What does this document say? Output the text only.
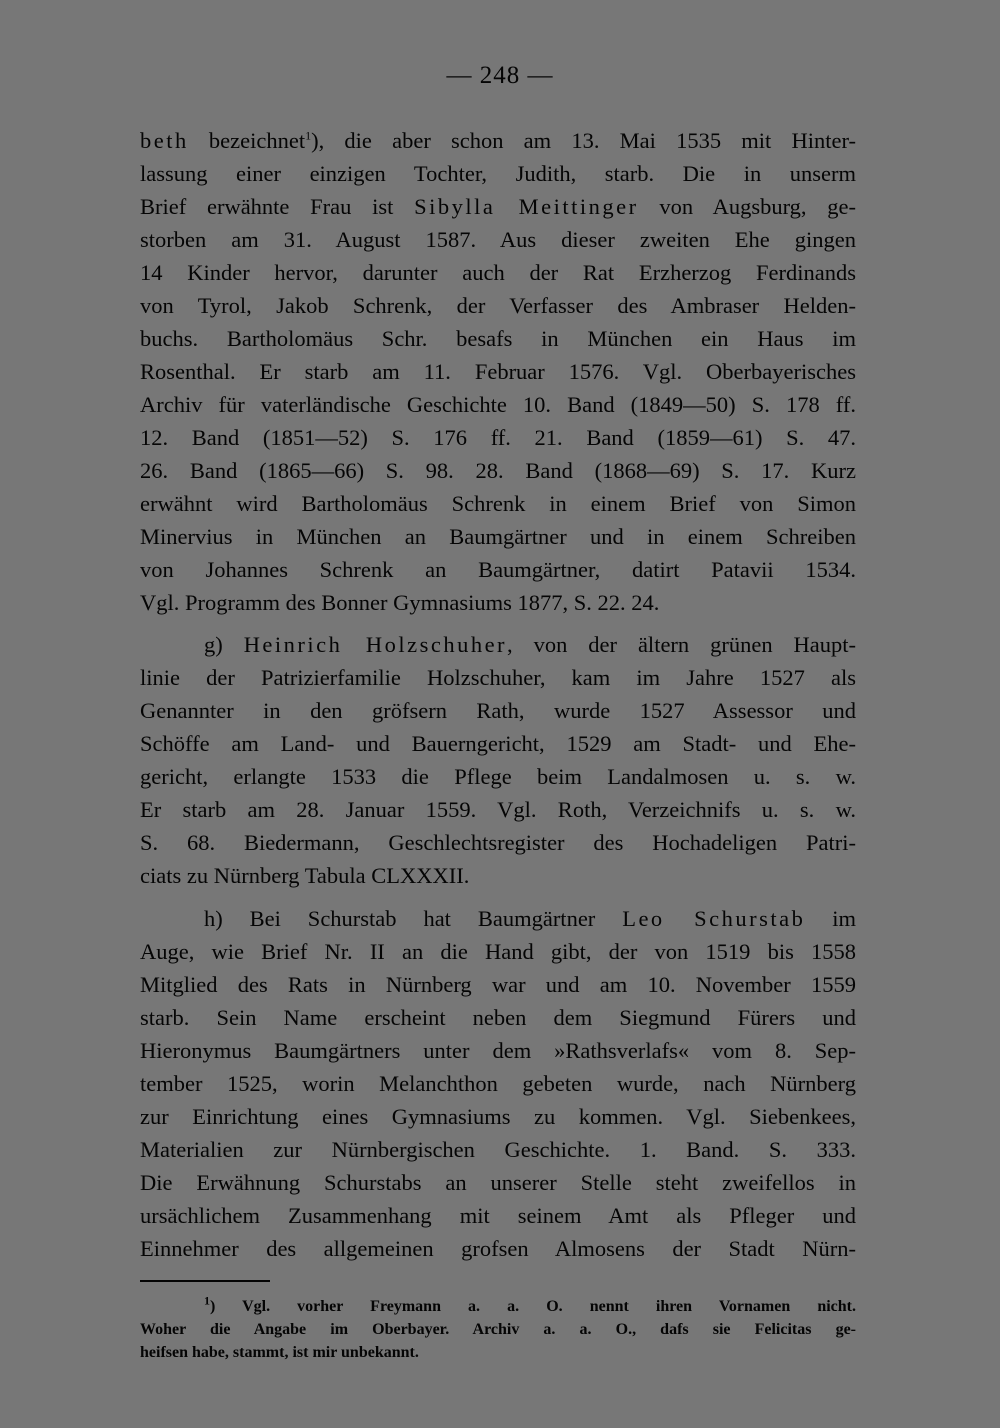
— 248 —
beth bezeichnet$^1$), die aber schon am 13. Mai 1535 mit Hinter-
lassung einer einzigen Tochter, Judith, starb. Die in unserm
Brief erwähnte Frau ist Sibylla Meittinger von Augsburg, ge-
storben am 31. August 1587. Aus dieser zweiten Ehe gingen
14 Kinder hervor, darunter auch der Rat Erzherzog Ferdinands
von Tyrol, Jakob Schrenk, der Verfasser des Ambraser Helden-
buchs. Bartholomäus Schr. besafs in München ein Haus im
Rosenthal. Er starb am 11. Februar 1576. Vgl. Oberbayerisches
Archiv für vaterländische Geschichte 10. Band (1849—50) S. 178 ff.
12. Band (1851—52) S. 176 ff. 21. Band (1859—61) S. 47.
26. Band (1865—66) S. 98. 28. Band (1868—69) S. 17. Kurz
erwähnt wird Bartholomäus Schrenk in einem Brief von Simon
Minervius in München an Baumgärtner und in einem Schreiben
von Johannes Schrenk an Baumgärtner, datirt Patavii 1534.
Vgl. Programm des Bonner Gymnasiums 1877, S. 22. 24.
g) Heinrich Holzschuher, von der ältern grünen Haupt-
linie der Patrizierfamilie Holzschuher, kam im Jahre 1527 als
Genannter in den gröfsern Rath, wurde 1527 Assessor und
Schöffe am Land- und Bauerngericht, 1529 am Stadt- und Ehe-
gericht, erlangte 1533 die Pflege beim Landalmosen u. s. w.
Er starb am 28. Januar 1559. Vgl. Roth, Verzeichnifs u. s. w.
S. 68. Biedermann, Geschlechtsregister des Hochadeligen Patri-
ciats zu Nürnberg Tabula CLXXXII.
h) Bei Schurstab hat Baumgärtner Leo Schurstab im
Auge, wie Brief Nr. II an die Hand gibt, der von 1519 bis 1558
Mitglied des Rats in Nürnberg war und am 10. November 1559
starb. Sein Name erscheint neben dem Siegmund Fürers und
Hieronymus Baumgärtners unter dem »Rathsverlafs« vom 8. Sep-
tember 1525, worin Melanchthon gebeten wurde, nach Nürnberg
zur Einrichtung eines Gymnasiums zu kommen. Vgl. Siebenkees,
Materialien zur Nürnbergischen Geschichte. 1. Band. S. 333.
Die Erwähnung Schurstabs an unserer Stelle steht zweifellos in
ursächlichem Zusammenhang mit seinem Amt als Pfleger und
Einnehmer des allgemeinen grofsen Almosens der Stadt Nürn-
$^1$) Vgl. vorher Freymann a. a. O. nennt ihren Vornamen nicht.
Woher die Angabe im Oberbayer. Archiv a. a. O., dafs sie Felicitas ge-
heifsen habe, stammt, ist mir unbekannt.
